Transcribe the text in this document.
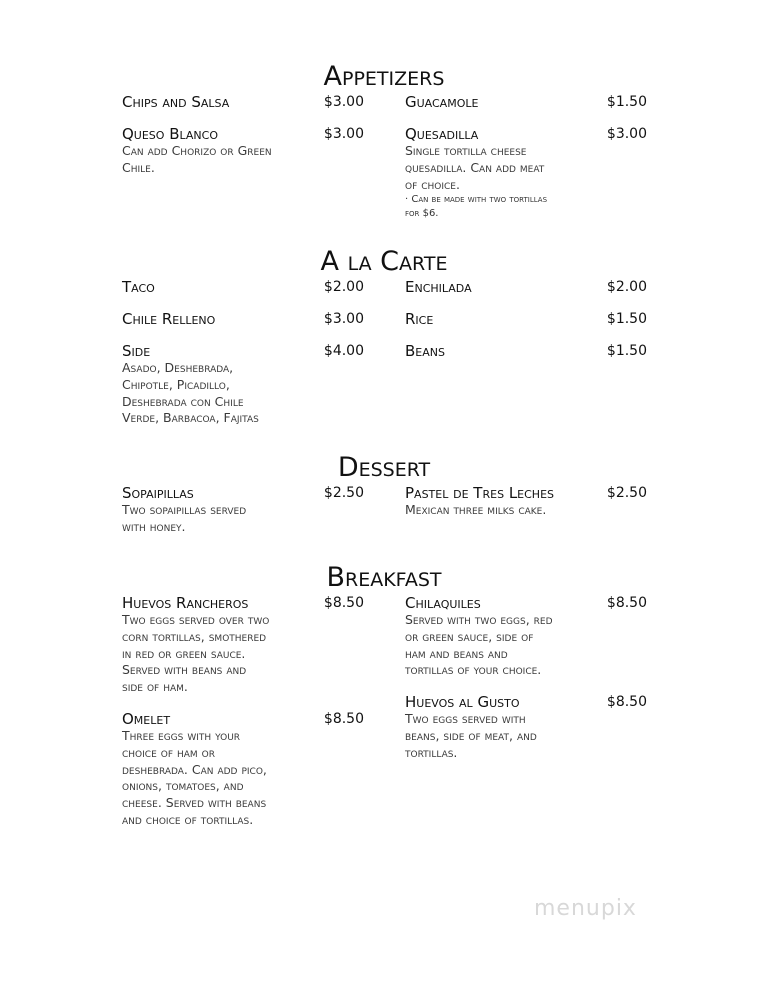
Appetizers
Chips and Salsa	$3.00
Queso Blanco	$3.00
Can add Chorizo or Green
Chile.
Guacamole	$1.50
Quesadilla	$3.00
Single tortilla cheese
quesadilla. Can add meat
of choice.
· Can be made with two tortillas
for $6.
A la Carte
Taco	$2.00
Chile Relleno	$3.00
Side	$4.00
Asado, Deshebrada,
Chipotle, Picadillo,
Deshebrada con Chile
Verde, Barbacoa, Fajitas
Enchilada	$2.00
Rice	$1.50
Beans	$1.50
Dessert
Sopaipillas	$2.50
Two sopaipillas served
with honey.
Pastel de Tres Leches	$2.50
Mexican three milks cake.
Breakfast
Huevos Rancheros	$8.50
Two eggs served over two
corn tortillas, smothered
in red or green sauce.
Served with beans and
side of ham.
Omelet	$8.50
Three eggs with your
choice of ham or
deshebrada. Can add pico,
onions, tomatoes, and
cheese. Served with beans
and choice of tortillas.
Chilaquiles	$8.50
Served with two eggs, red
or green sauce, side of
ham and beans and
tortillas of your choice.
Huevos al Gusto	$8.50
Two eggs served with
beans, side of meat, and
tortillas.
menupix
